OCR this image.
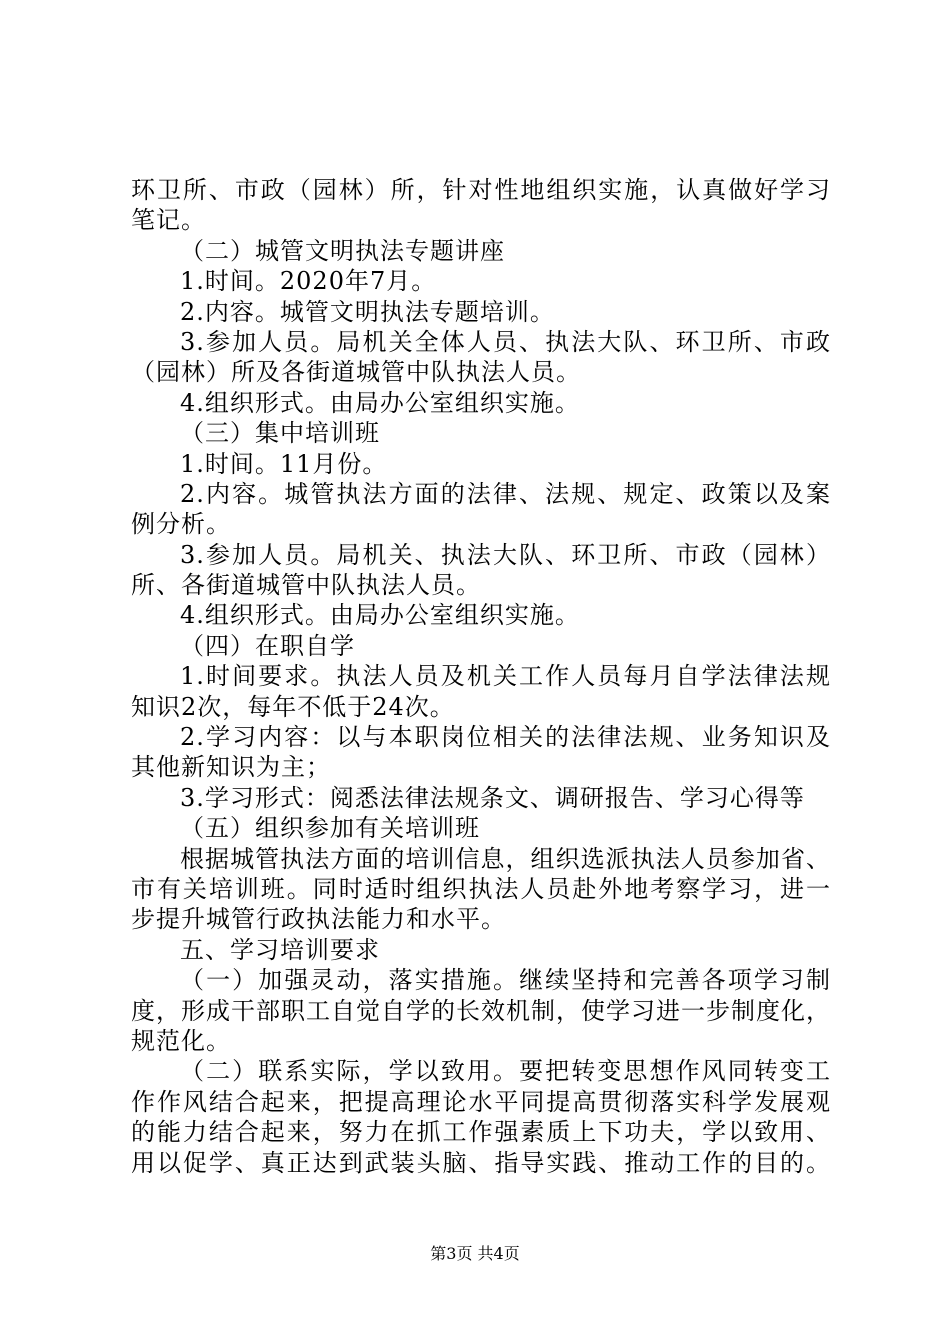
环卫所、市政（园林）所，针对性地组织实施，认真做好学习
笔记。
（二）城管文明执法专题讲座
1.时间。2020年7月。
2.内容。城管文明执法专题培训。
3.参加人员。局机关全体人员、执法大队、环卫所、市政
（园林）所及各街道城管中队执法人员。
4.组织形式。由局办公室组织实施。
（三）集中培训班
1.时间。11月份。
2.内容。城管执法方面的法律、法规、规定、政策以及案
例分析。
3.参加人员。局机关、执法大队、环卫所、市政（园林）
所、各街道城管中队执法人员。
4.组织形式。由局办公室组织实施。
（四）在职自学
1.时间要求。执法人员及机关工作人员每月自学法律法规
知识2次，每年不低于24次。
2.学习内容：以与本职岗位相关的法律法规、业务知识及
其他新知识为主；
3.学习形式：阅悉法律法规条文、调研报告、学习心得等
（五）组织参加有关培训班
根据城管执法方面的培训信息，组织选派执法人员参加省、
市有关培训班。同时适时组织执法人员赴外地考察学习，进一
步提升城管行政执法能力和水平。
五、学习培训要求
（一）加强灵动，落实措施。继续坚持和完善各项学习制
度，形成干部职工自觉自学的长效机制，使学习进一步制度化，
规范化。
（二）联系实际，学以致用。要把转变思想作风同转变工
作作风结合起来，把提高理论水平同提高贯彻落实科学发展观
的能力结合起来，努力在抓工作强素质上下功夫，学以致用、
用以促学、真正达到武装头脑、指导实践、推动工作的目的。
第3页 共4页
